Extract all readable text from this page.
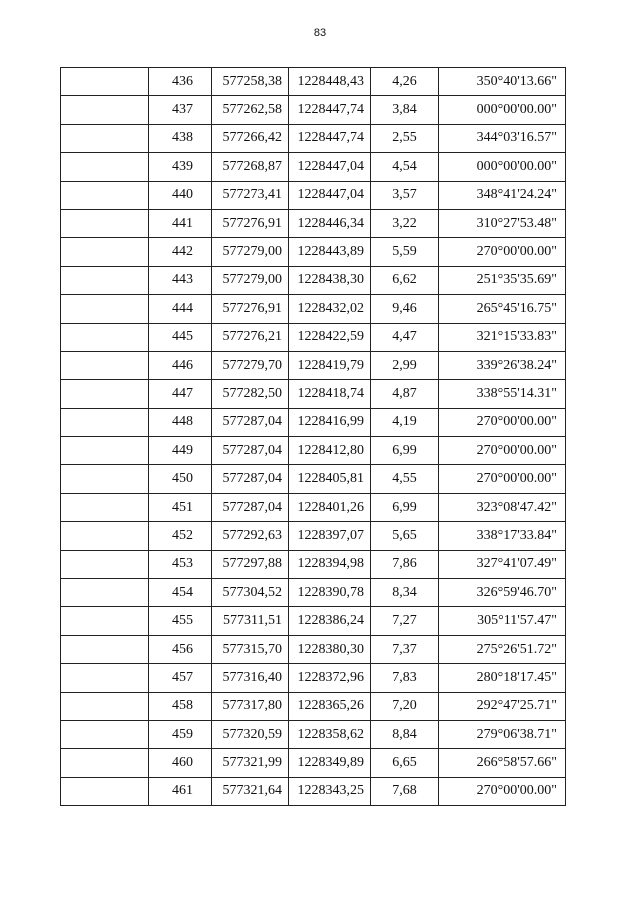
83
	436	577258,38	1228448,43	4,26	350°40'13.66"
	437	577262,58	1228447,74	3,84	000°00'00.00"
	438	577266,42	1228447,74	2,55	344°03'16.57"
	439	577268,87	1228447,04	4,54	000°00'00.00"
	440	577273,41	1228447,04	3,57	348°41'24.24"
	441	577276,91	1228446,34	3,22	310°27'53.48"
	442	577279,00	1228443,89	5,59	270°00'00.00"
	443	577279,00	1228438,30	6,62	251°35'35.69"
	444	577276,91	1228432,02	9,46	265°45'16.75"
	445	577276,21	1228422,59	4,47	321°15'33.83"
	446	577279,70	1228419,79	2,99	339°26'38.24"
	447	577282,50	1228418,74	4,87	338°55'14.31"
	448	577287,04	1228416,99	4,19	270°00'00.00"
	449	577287,04	1228412,80	6,99	270°00'00.00"
	450	577287,04	1228405,81	4,55	270°00'00.00"
	451	577287,04	1228401,26	6,99	323°08'47.42"
	452	577292,63	1228397,07	5,65	338°17'33.84"
	453	577297,88	1228394,98	7,86	327°41'07.49"
	454	577304,52	1228390,78	8,34	326°59'46.70"
	455	577311,51	1228386,24	7,27	305°11'57.47"
	456	577315,70	1228380,30	7,37	275°26'51.72"
	457	577316,40	1228372,96	7,83	280°18'17.45"
	458	577317,80	1228365,26	7,20	292°47'25.71"
	459	577320,59	1228358,62	8,84	279°06'38.71"
	460	577321,99	1228349,89	6,65	266°58'57.66"
	461	577321,64	1228343,25	7,68	270°00'00.00"
